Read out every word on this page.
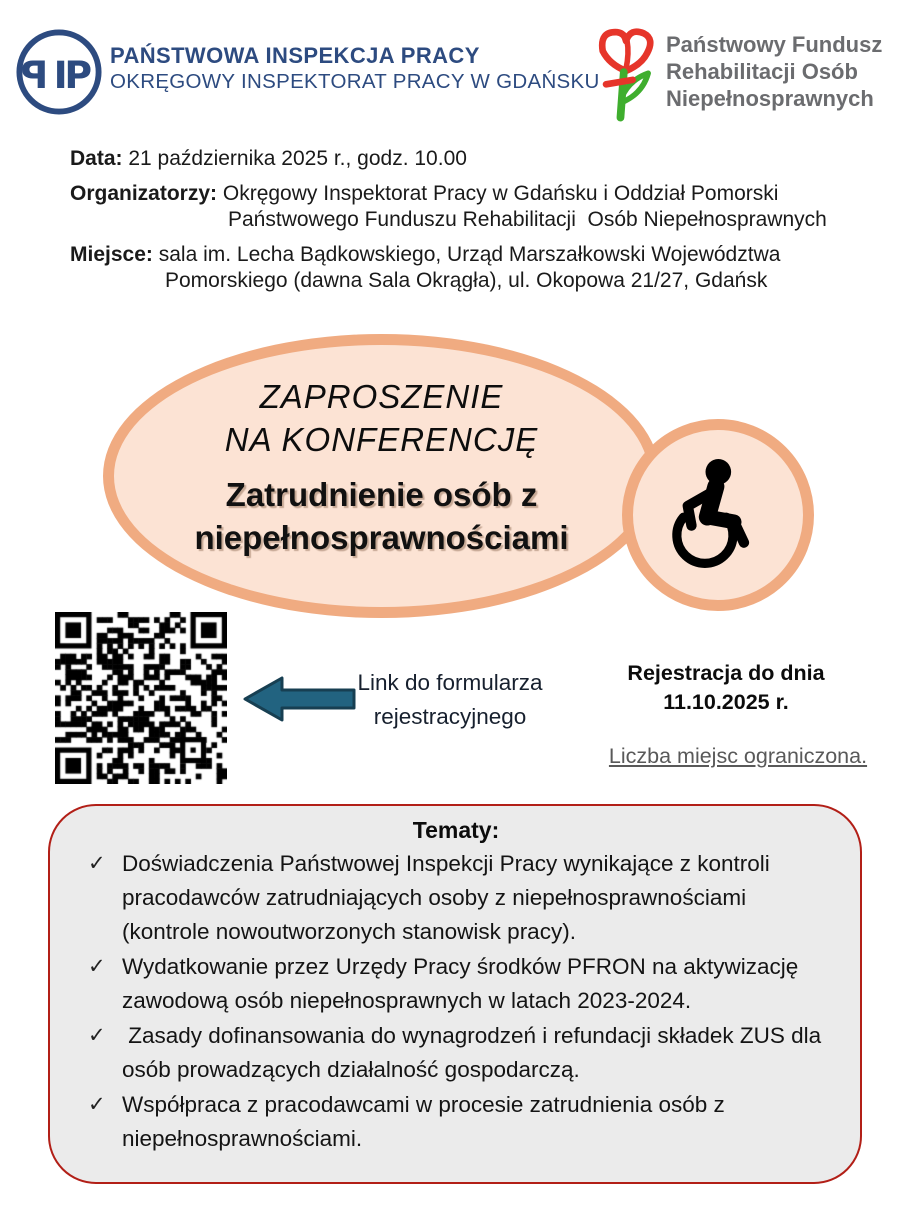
P I
P PAŃSTWOWA INSPEKCJA PRACY
OKRĘGOWY INSPEKTORAT PRACY W GDAŃSKU
Państwowy Fundusz
Rehabilitacji Osób
Niepełnosprawnych
Data: 21 października 2025 r., godz. 10.00
Organizatorzy: Okręgowy Inspektorat Pracy w Gdańsku i Oddział Pomorski
Państwowego Funduszu Rehabilitacji  Osób Niepełnosprawnych
Miejsce: sala im. Lecha Bądkowskiego, Urząd Marszałkowski Województwa
Pomorskiego (dawna Sala Okrągła), ul. Okopowa 21/27, Gdańsk
ZAPROSZENIE
NA KONFERENCJĘ
Zatrudnienie osób z
niepełnosprawnościami
Link do formularza
rejestracyjnego
Rejestracja do dnia
11.10.2025 r.
Liczba miejsc ograniczona.
Tematy:
✓ Doświadczenia Państwowej Inspekcji Pracy wynikające z kontroli pracodawców zatrudniających osoby z niepełnosprawnościami (kontrole nowoutworzonych stanowisk pracy).
✓ Wydatkowanie przez Urzędy Pracy środków PFRON na aktywizację zawodową osób niepełnosprawnych w latach 2023-2024.
✓ Zasady dofinansowania do wynagrodzeń i refundacji składek ZUS dla osób prowadzących działalność gospodarczą.
✓ Współpraca z pracodawcami w procesie zatrudnienia osób z niepełnosprawnościami.
